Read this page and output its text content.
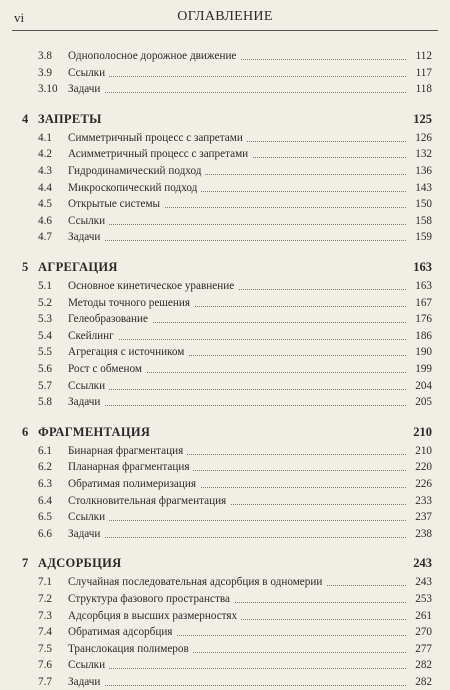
vi	ОГЛАВЛЕНИЕ
3.8 Однополосное дорожное движение	112
3.9 Ссылки	117
3.10 Задачи	118
4 ЗАПРЕТЫ	125
4.1 Симметричный процесс с запретами	126
4.2 Асимметричный процесс с запретами	132
4.3 Гидродинамический подход	136
4.4 Микроскопический подход	143
4.5 Открытые системы	150
4.6 Ссылки	158
4.7 Задачи	159
5 АГРЕГАЦИЯ	163
5.1 Основное кинетическое уравнение	163
5.2 Методы точного решения	167
5.3 Гелеобразование	176
5.4 Скейлинг	186
5.5 Агрегация с источником	190
5.6 Рост с обменом	199
5.7 Ссылки	204
5.8 Задачи	205
6 ФРАГМЕНТАЦИЯ	210
6.1 Бинарная фрагментация	210
6.2 Планарная фрагментация	220
6.3 Обратимая полимеризация	226
6.4 Столкновительная фрагментация	233
6.5 Ссылки	237
6.6 Задачи	238
7 АДСОРБЦИЯ	243
7.1 Случайная последовательная адсорбция в одномерии	243
7.2 Структура фазового пространства	253
7.3 Адсорбция в высших размерностях	261
7.4 Обратимая адсорбция	270
7.5 Транслокация полимеров	277
7.6 Ссылки	282
7.7 Задачи	282
